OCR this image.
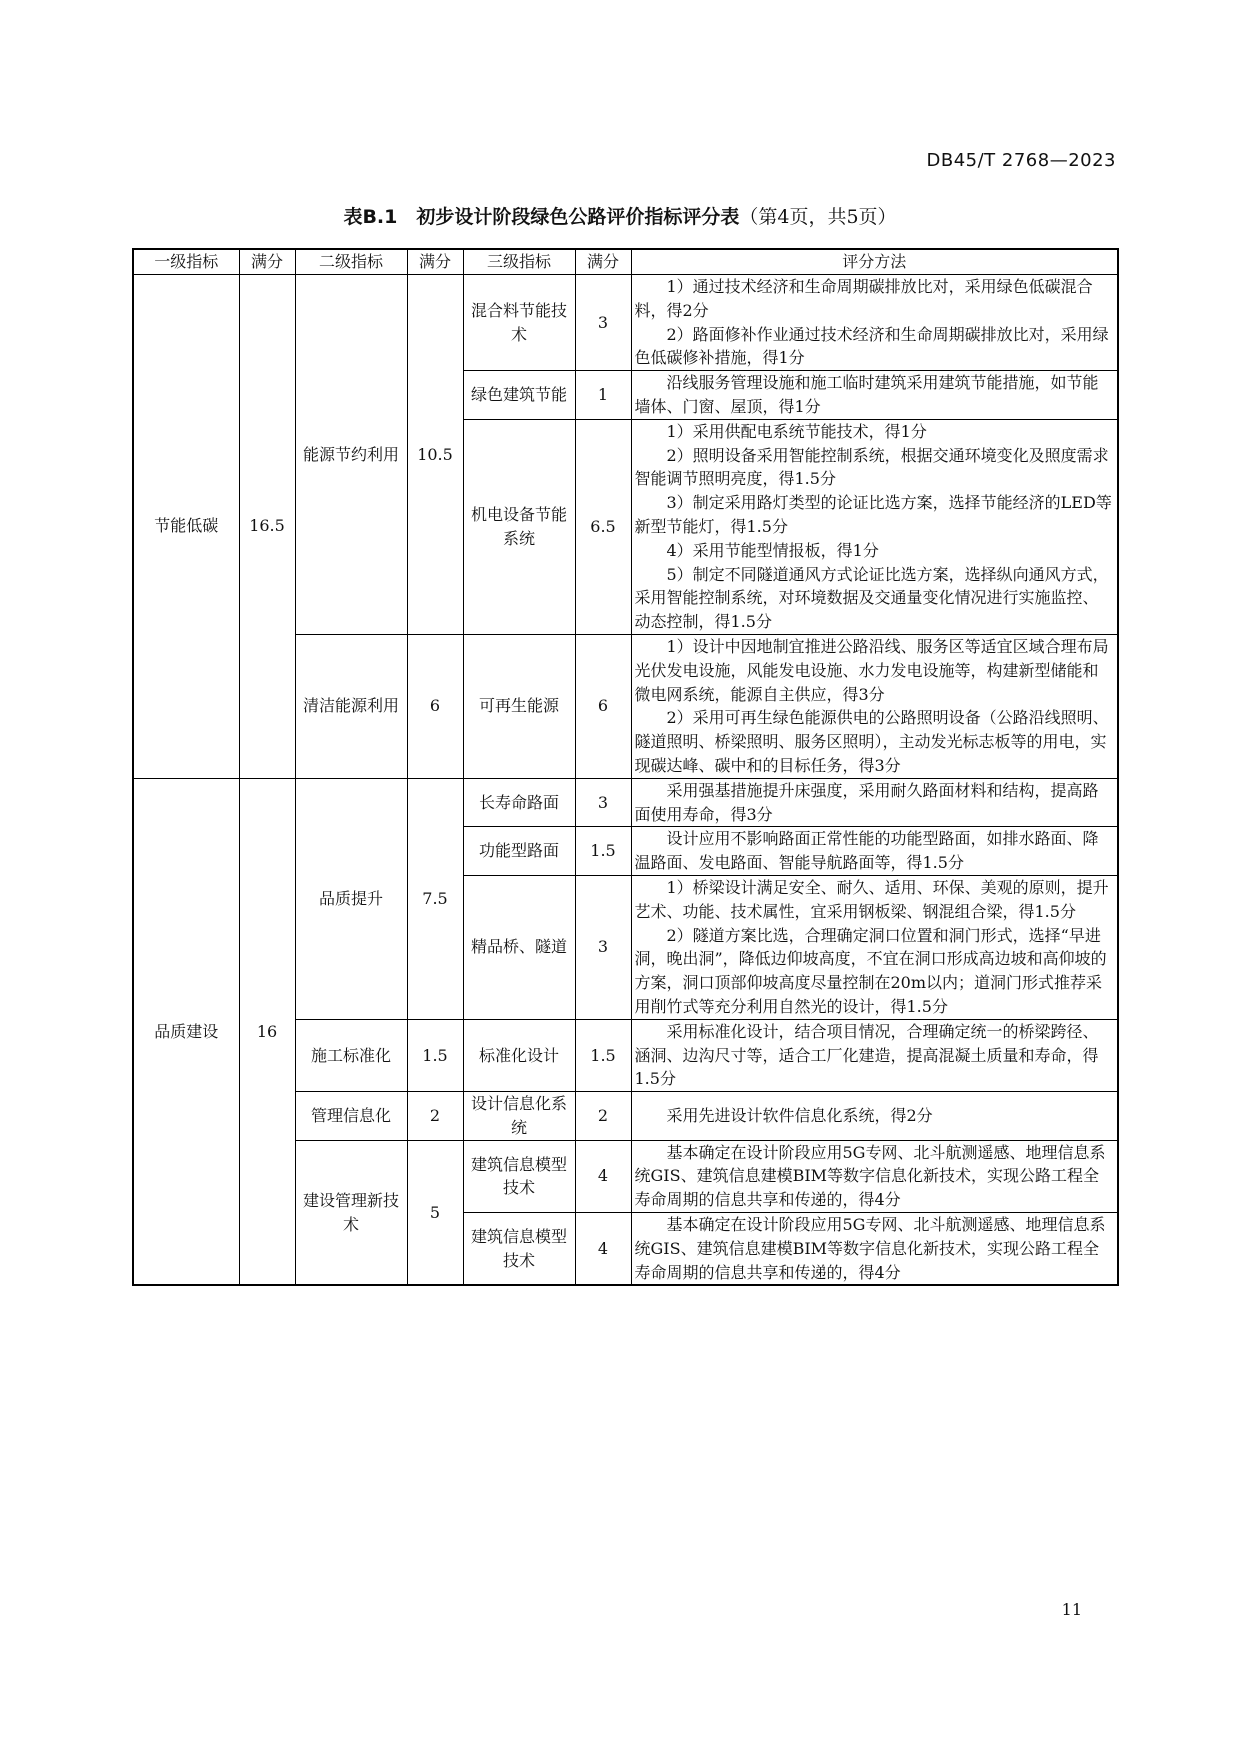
DB45/T 2768—2023
表B.1　初步设计阶段绿色公路评价指标评分表（第4页，共5页）
一级指标	满分	二级指标	满分	三级指标	满分	评分方法
节能低碳	16.5	能源节约利用	10.5	混合料节能技术	3	1）通过技术经济和生命周期碳排放比对，采用绿色低碳混合料，得2分
2）路面修补作业通过技术经济和生命周期碳排放比对，采用绿色低碳修补措施，得1分

				绿色建筑节能	1	沿线服务管理设施和施工临时建筑采用建筑节能措施，如节能墙体、门窗、屋顶，得1分

				机电设备节能系统	6.5	1）采用供配电系统节能技术，得1分
2）照明设备采用智能控制系统，根据交通环境变化及照度需求智能调节照明亮度，得1.5分
3）制定采用路灯类型的论证比选方案，选择节能经济的LED等新型节能灯，得1.5分
4）采用节能型情报板，得1分
5）制定不同隧道通风方式论证比选方案，选择纵向通风方式，采用智能控制系统，对环境数据及交通量变化情况进行实施监控、动态控制，得1.5分

		清洁能源利用	6	可再生能源	6	1）设计中因地制宜推进公路沿线、服务区等适宜区域合理布局光伏发电设施，风能发电设施、水力发电设施等，构建新型储能和微电网系统，能源自主供应，得3分
2）采用可再生绿色能源供电的公路照明设备（公路沿线照明、隧道照明、桥梁照明、服务区照明），主动发光标志板等的用电，实现碳达峰、碳中和的目标任务，得3分

品质建设	16	品质提升	7.5	长寿命路面	3	采用强基措施提升床强度，采用耐久路面材料和结构，提高路面使用寿命，得3分

				功能型路面	1.5	设计应用不影响路面正常性能的功能型路面，如排水路面、降温路面、发电路面、智能导航路面等，得1.5分

				精品桥、隧道	3	1）桥梁设计满足安全、耐久、适用、环保、美观的原则，提升艺术、功能、技术属性，宜采用钢板梁、钢混组合梁，得1.5分
2）隧道方案比选，合理确定洞口位置和洞门形式，选择“早进洞，晚出洞”，降低边仰坡高度，不宜在洞口形成高边坡和高仰坡的方案，洞口顶部仰坡高度尽量控制在20m以内；道洞门形式推荐采用削竹式等充分利用自然光的设计，得1.5分

		施工标准化	1.5	标准化设计	1.5	采用标准化设计，结合项目情况，合理确定统一的桥梁跨径、涵洞、边沟尺寸等，适合工厂化建造，提高混凝土质量和寿命，得1.5分

		管理信息化	2	设计信息化系统	2	采用先进设计软件信息化系统，得2分

		建设管理新技术	5	建筑信息模型技术	4	基本确定在设计阶段应用5G专网、北斗航测遥感、地理信息系统GIS、建筑信息建模BIM等数字信息化新技术，实现公路工程全寿命周期的信息共享和传递的，得4分

				建筑信息模型技术	4	基本确定在设计阶段应用5G专网、北斗航测遥感、地理信息系统GIS、建筑信息建模BIM等数字信息化新技术，实现公路工程全寿命周期的信息共享和传递的，得4分
11
